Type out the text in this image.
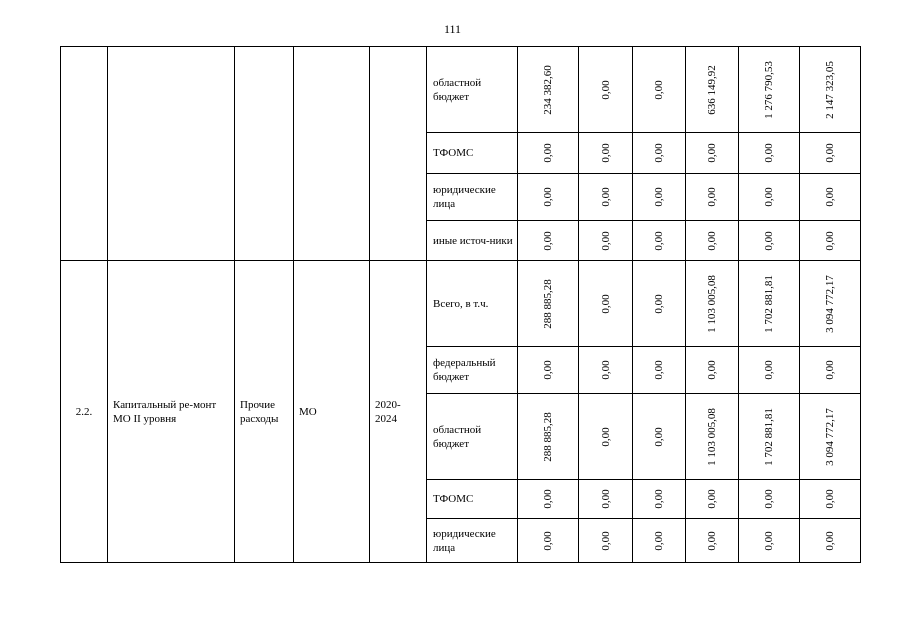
111
					областной бюджет	234 382,60	0,00	0,00	636 149,92	1 276 790,53	2 147 323,05

					ТФОМС	0,00	0,00	0,00	0,00	0,00	0,00

					юридические лица	0,00	0,00	0,00	0,00	0,00	0,00

					иные источ-ники	0,00	0,00	0,00	0,00	0,00	0,00

2.2.	Капитальный ре-монт МО II уровня	Прочие расходы	МО	2020-2024	Всего, в т.ч.	288 885,28	0,00	0,00	1 103 005,08	1 702 881,81	3 094 772,17

					федеральный бюджет	0,00	0,00	0,00	0,00	0,00	0,00

					областной бюджет	288 885,28	0,00	0,00	1 103 005,08	1 702 881,81	3 094 772,17

					ТФОМС	0,00	0,00	0,00	0,00	0,00	0,00

					юридические лица	0,00	0,00	0,00	0,00	0,00	0,00
